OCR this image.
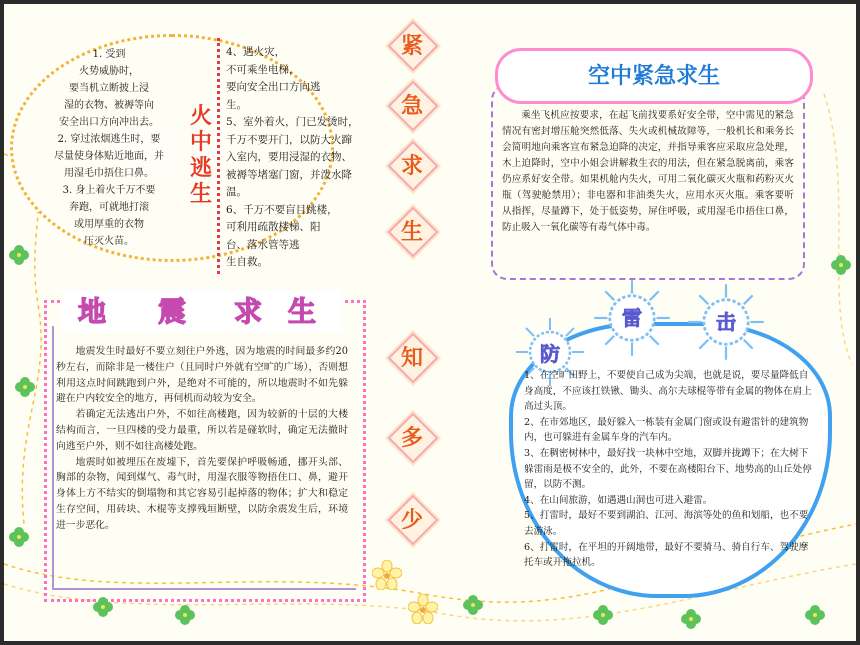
火中逃生
1. 受到
火势威胁时，
要当机立断披上浸
湿的衣物、被褥等向
安全出口方向冲出去。
2. 穿过浓烟逃生时，要
尽量使身体贴近地面，并
用湿毛巾捂住口鼻。
3. 身上着火千万不要
奔跑，可就地打滚
或用厚重的衣物
压灭火苗。
4、遇火灾，
不可乘坐电梯，
要向安全出口方向逃
生。
5、室外着火，门已发烫时，
千万不要开门，以防大火蹿
入室内，要用浸湿的衣物、
被褥等堵塞门窗，并泼水降
温。
6、千万不要盲目跳楼，
可利用疏散楼梯、阳
台、落水管等逃
生自救。
紧
急
求
生
知
多
少
空中紧急求生
乘坐飞机应按要求，在起飞前找要系好安全带，空中需见的紧急情况有密封增压舱突然低落、失火或机械故障等，一般机长和乘务长会简明地向乘客宣布紧急迫降的决定，并指导乘客应采取应急处理，木上迫降时，空中小姐会讲解救生衣的用法，但在紧急脱离前，乘客仍应系好安全带。如果机舱内失火，可用二氧化碳灭火瓶和药粉灭火瓶（驾驶舱禁用）；非电器和非油类失火，应用水灭火瓶。乘客要听从指挥，尽量蹲下，处于低姿势，屏住呼吸，或用湿毛巾捂住口鼻，防止吸入一氧化碳等有毒气体中毒。
地 震 求 生

地震发生时最好不要立刻往户外逃，因为地震的时间最多约20秒左右，而除非是一楼住户（且同时户外就有空旷的广场），否则想利用这点时间跳跑到户外，是绝对不可能的，所以地震时不如先躲避在户内较安全的地方，再伺机而动较为安全。

若确定无法逃出户外，不如往高楼跑，因为较新的十层的大楼结构而言，一旦四楼的受力最重，所以若是碰软时，确定无法撤时向逃至户外，则不如往高楼处跑。

地震时如被埋压在废墟下，首先要保护呼吸畅通，挪开头部、胸部的杂物，闻到煤气、毒气时，用湿衣服等物捂住口、鼻，避开身体上方不结实的倒塌物和其它容易引起掉落的物体；扩大和稳定生存空间，用砖块、木棍等支撑残垣断壁，以防余震发生后，环境进一步恶化。

防
雷	击

1、在空旷田野上，不要使自己成为尖端，也就是说，要尽量降低自身高度，不应该扛铁锹、锄头、高尔夫球棍等带有金属的物体在肩上高过头顶。

2、在市郊地区，最好躲入一栋装有金属门窗或设有避雷针的建筑物内，也可躲进有金属车身的汽车内。

3、在稠密树林中，最好找一块林中空地，双脚并拢蹲下；在大树下躲雷雨是极不安全的，此外，不要在高楼阳台下、地势高的山丘处停留，以防不测。

4、在山间旅游，如遇遇山洞也可进入避雷。

5、打雷时，最好不要到湖泊、江河、海滨等处的鱼和划船，也不要去游泳。

6、打雷时，在平坦的开阔地带，最好不要骑马、骑自行车、驾驶摩托车或开拖拉机。
